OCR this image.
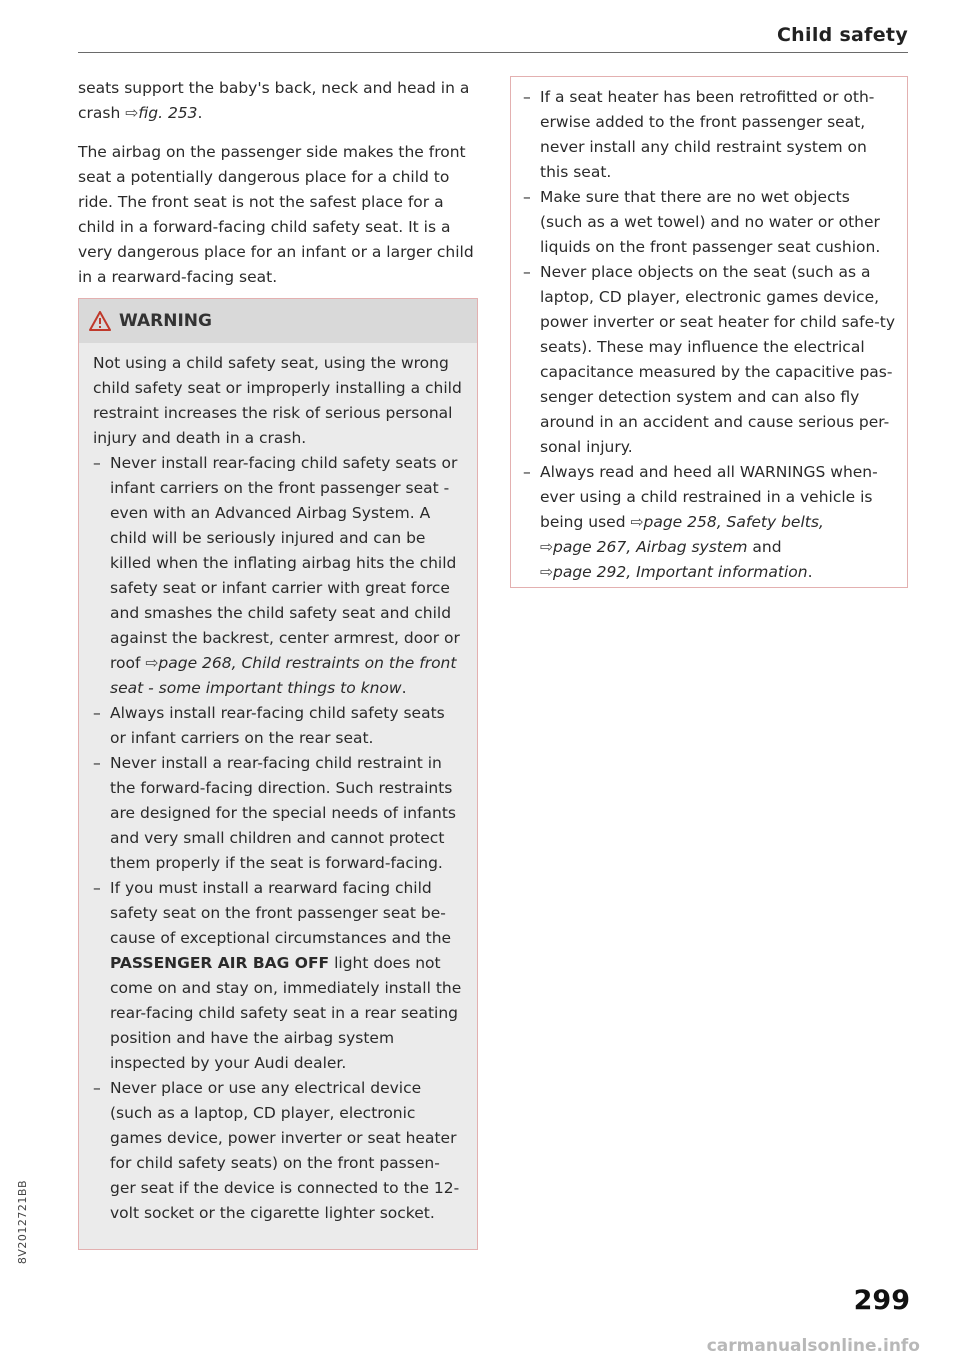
Child safety

seats support the baby's back, neck and head in a crash ⇨fig. 253.

The airbag on the passenger side makes the front seat a potentially dangerous place for a child to ride. The front seat is not the safest place for a child in a forward-facing child safety seat. It is a very dangerous place for an infant or a larger child in a rearward-facing seat.

WARNING
Not using a child safety seat, using the wrong child safety seat or improperly installing a child restraint increases the risk of serious personal injury and death in a crash.
– Never install rear-facing child safety seats or infant carriers on the front passenger seat - even with an Advanced Airbag System. A child will be seriously injured and can be killed when the inflating airbag hits the child safety seat or infant carrier with great force and smashes the child safety seat and child against the backrest, center armrest, door or roof ⇨page 268, Child restraints on the front seat - some important things to know.
– Always install rear-facing child safety seats or infant carriers on the rear seat.
– Never install a rear-facing child restraint in the forward-facing direction. Such restraints are designed for the special needs of infants and very small children and cannot protect them properly if the seat is forward-facing.
– If you must install a rearward facing child safety seat on the front passenger seat be-cause of exceptional circumstances and the PASSENGER AIR BAG OFF light does not come on and stay on, immediately install the rear-facing child safety seat in a rear seating position and have the airbag system inspected by your Audi dealer.
– Never place or use any electrical device (such as a laptop, CD player, electronic games device, power inverter or seat heater for child safety seats) on the front passen-ger seat if the device is connected to the 12-volt socket or the cigarette lighter socket.
– If a seat heater has been retrofitted or oth-erwise added to the front passenger seat, never install any child restraint system on this seat.
– Make sure that there are no wet objects (such as a wet towel) and no water or other liquids on the front passenger seat cushion.
– Never place objects on the seat (such as a laptop, CD player, electronic games device, power inverter or seat heater for child safe-ty seats). These may influence the electrical capacitance measured by the capacitive pas-senger detection system and can also fly around in an accident and cause serious per-sonal injury.
– Always read and heed all WARNINGS when-ever using a child restrained in a vehicle is being used ⇨page 258, Safety belts,
⇨page 267, Airbag system and
⇨page 292, Important information.
8V2012721BB
299
carmanualsonline.info
